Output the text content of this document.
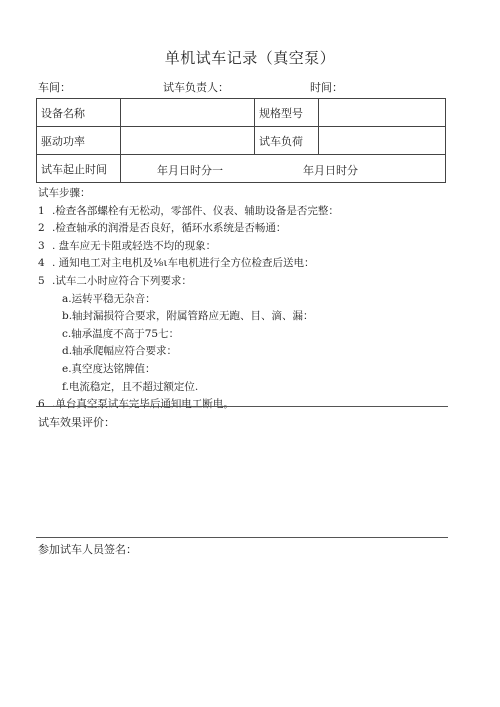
单机试车记录（真空泵）
车间：	试车负责人：	时间：
设备名称		规格型号	
驱动功率		试车负荷	
试车起止时间	年月日时分一 年月日时分		
试车步骤：
1 .检查各部螺栓有无松动，零部件、仪表、辅助设备是否完整：
2 .检查轴承的润滑是否良好，循环水系统是否畅通：
3 . 盘车应无卡阻或轻迭不均的现象：
4 . 通知电工对主电机及⅛ι车电机进行全方位检查后送电：
5 .试车二小时应符合下列要求：
a.运转平稳无杂音：
b.轴封漏损符合要求，附属管路应无跑、目、滴、漏：
c.轴承温度不高于75七：
d.轴承爬幅应符合要求：
e.真空度达铭牌值：
f.电流稳定，且不超过额定位.
6 .单台真空泵试车完毕后通知电工断电。
试车效果评价：
参加试车人员签名：
